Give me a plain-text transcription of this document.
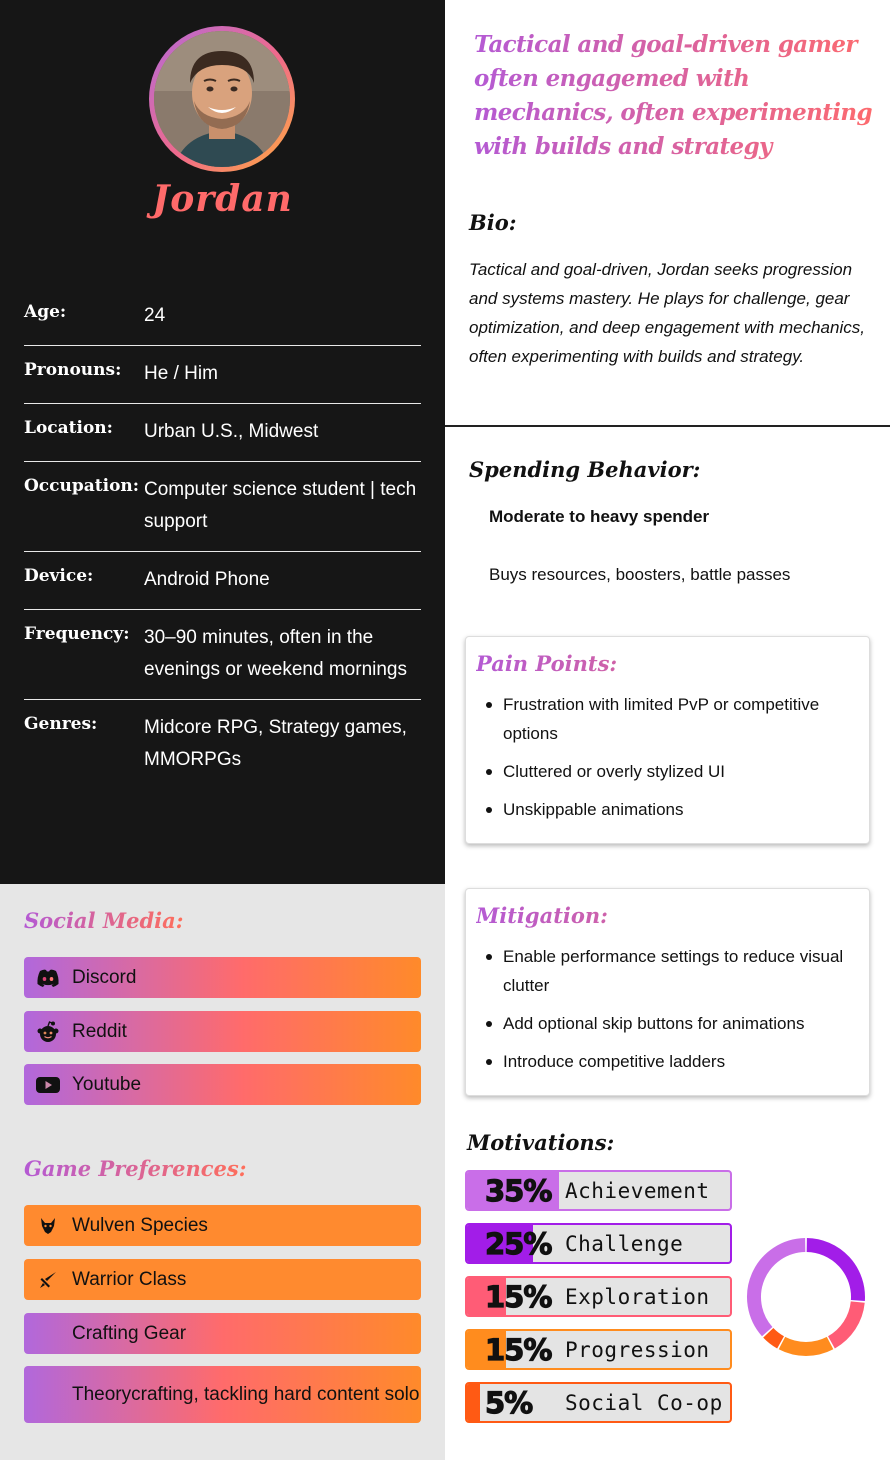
Jordan
Age:	24
Pronouns:	He / Him
Location:	Urban U.S., Midwest
Occupation: Computer science student | tech support
Device:	Android Phone
Frequency: 30–90 minutes, often in the evenings or weekend mornings
Genres:	Midcore RPG, Strategy games, MMORPGs
Social Media:
Discord
Reddit
Youtube
Game Preferences:
Wulven Species
Warrior Class
Crafting Gear
Theorycrafting, tackling hard content solo
Tactical and goal-driven gamer often engagemed with mechanics, often experimenting with builds and strategy
Bio:
Tactical and goal-driven, Jordan seeks progression and systems mastery. He plays for challenge, gear optimization, and deep engagement with mechanics, often experimenting with builds and strategy.
Spending Behavior:
Moderate to heavy spender
Buys resources, boosters, battle passes
Pain Points:
Frustration with limited PvP or competitive options
Cluttered or overly stylized UI
Unskippable animations
Mitigation:
Enable performance settings to reduce visual clutter
Add optional skip buttons for animations
Introduce competitive ladders
Motivations:
35% Achievement
25% Challenge
15% Exploration
15% Progression
5% Social Co-op
